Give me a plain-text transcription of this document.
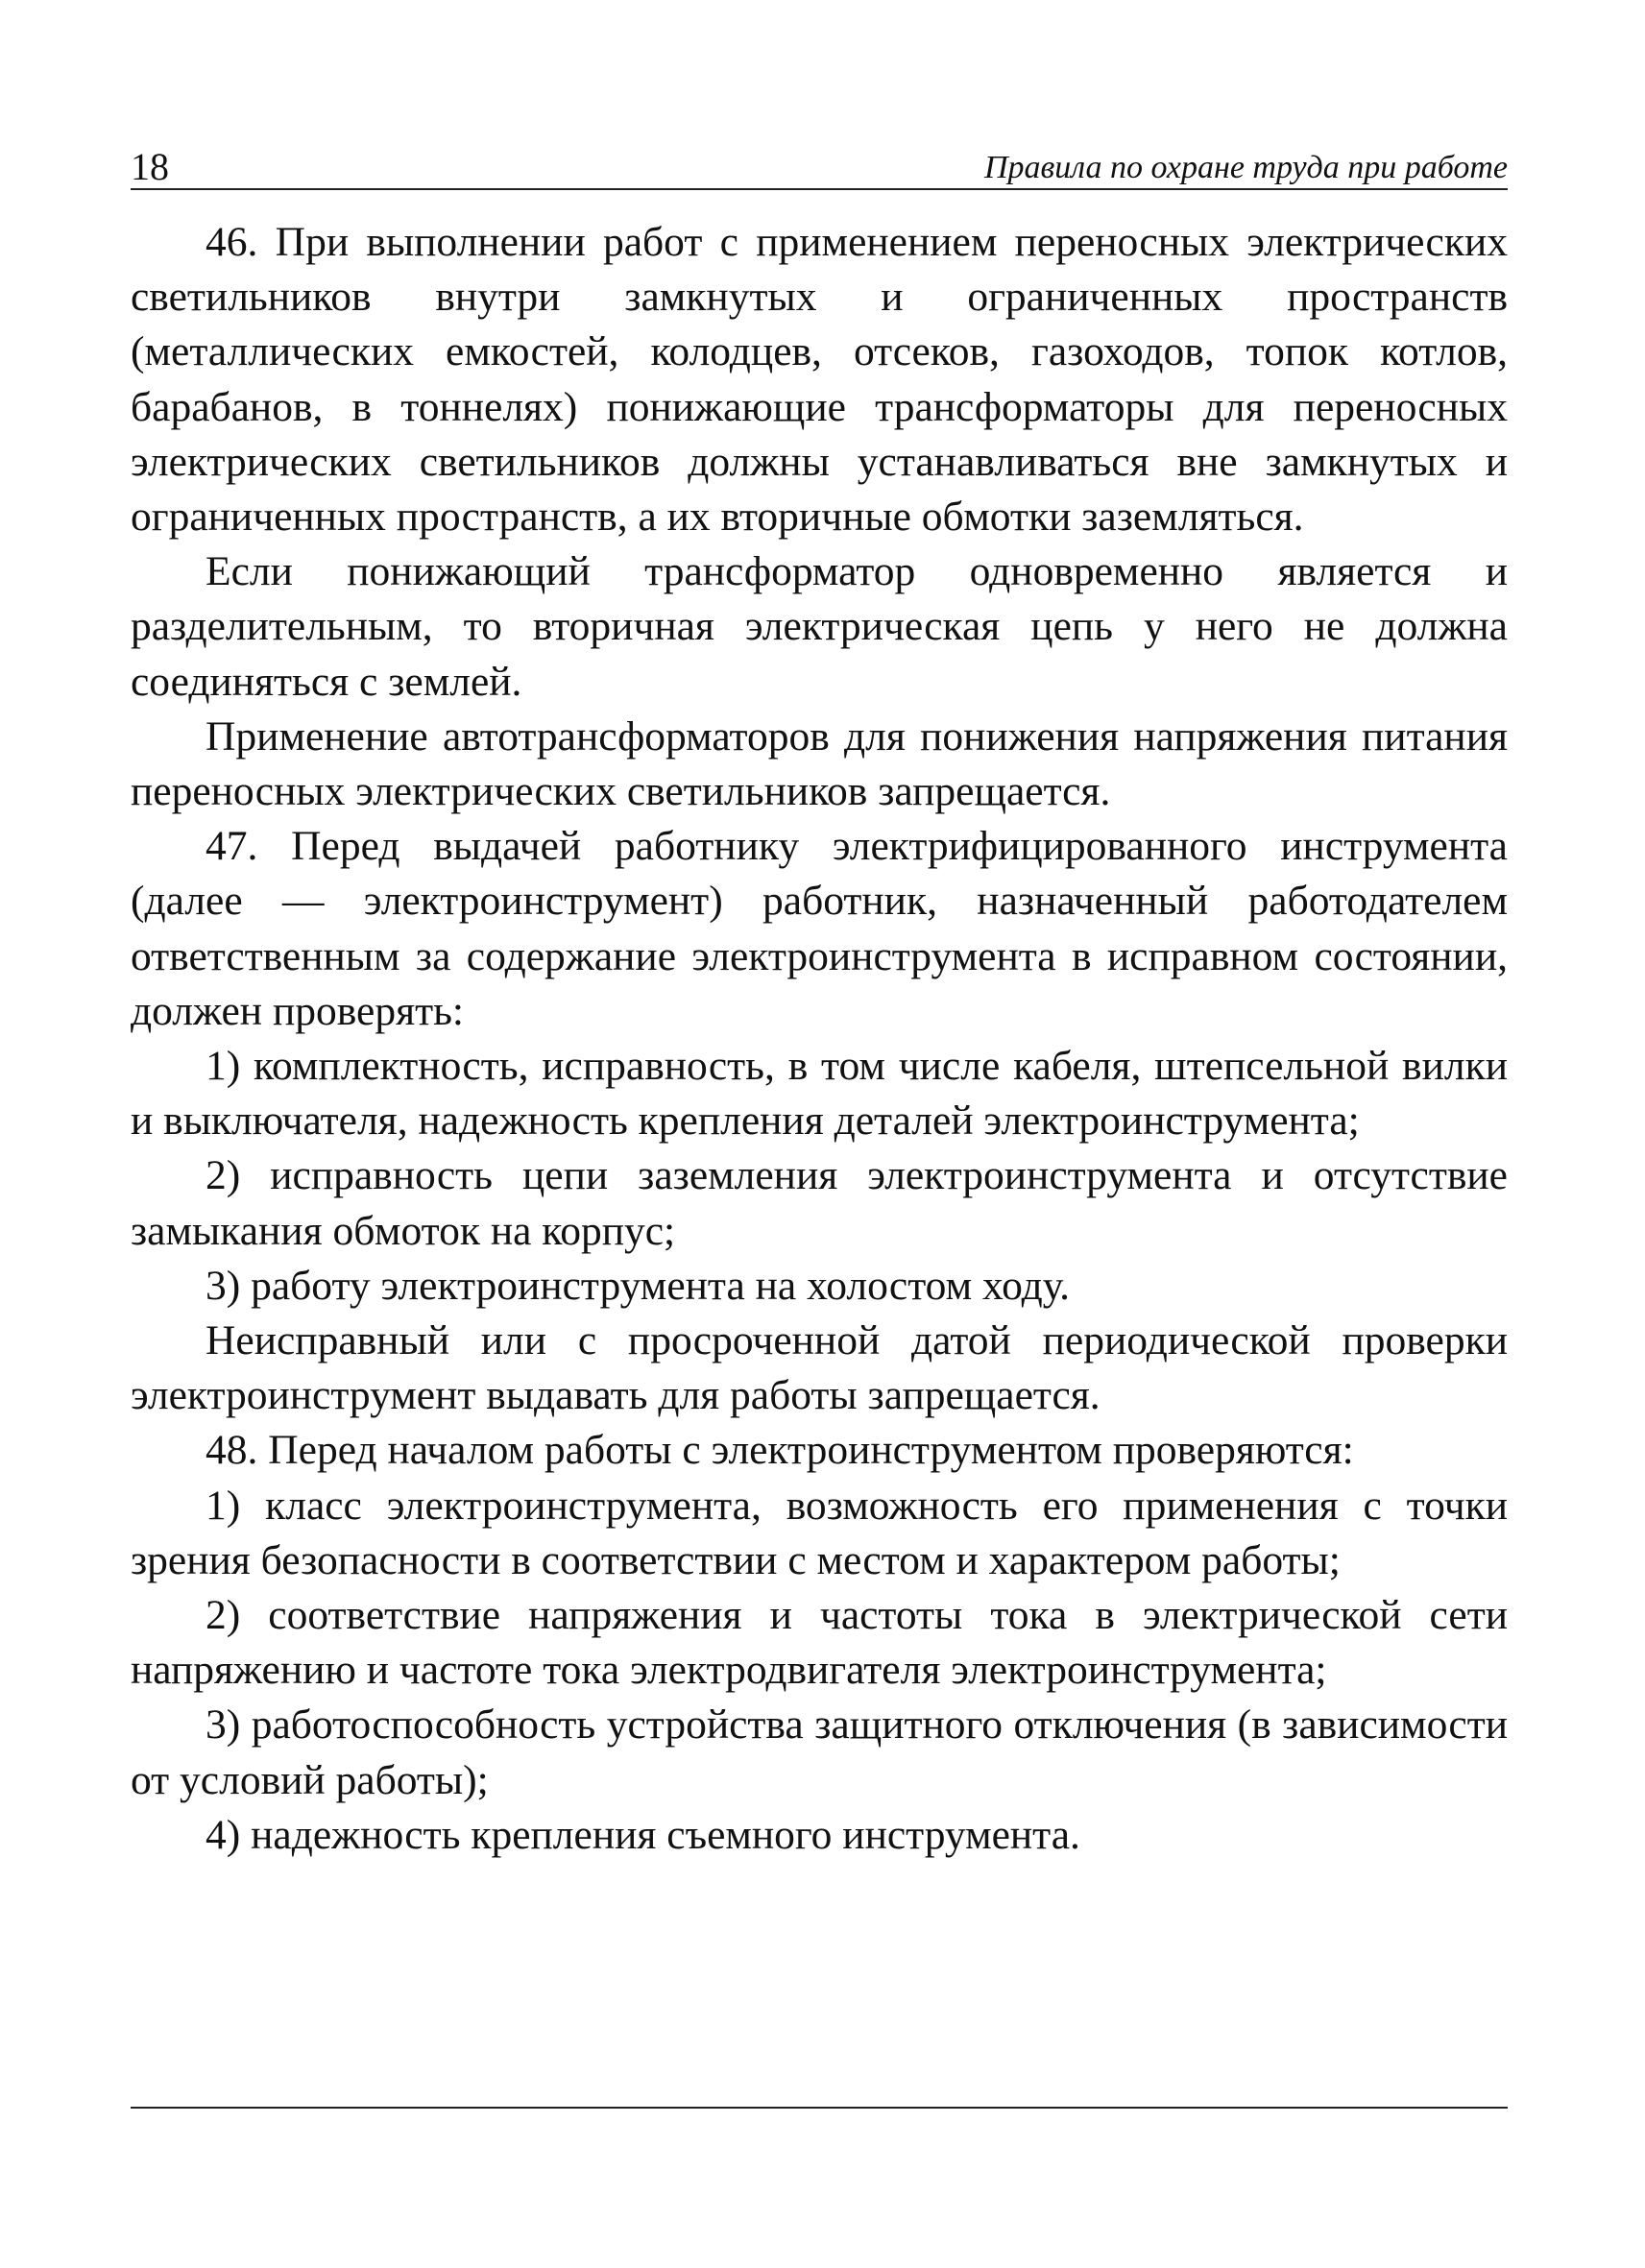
18	Правила по охране труда при работе

46. При выполнении работ с применением переносных электрических светильников внутри замкнутых и ограниченных пространств (металлических емкостей, колодцев, отсеков, газоходов, топок котлов, барабанов, в тоннелях) понижающие трансформаторы для переносных электрических светильников должны устанавливаться вне замкнутых и ограниченных пространств, а их вторичные обмотки заземляться.

Если понижающий трансформатор одновременно является и разделительным, то вторичная электрическая цепь у него не должна соединяться с землей.

Применение автотрансформаторов для понижения напряжения питания переносных электрических светильников запрещается.

47. Перед выдачей работнику электрифицированного инструмента (далее — электроинструмент) работник, назначенный работодателем ответственным за содержание электроинструмента в исправном состоянии, должен проверять:

1) комплектность, исправность, в том числе кабеля, штепсельной вилки и выключателя, надежность крепления деталей электроинструмента;

2) исправность цепи заземления электроинструмента и отсутствие замыкания обмоток на корпус;

3) работу электроинструмента на холостом ходу.

Неисправный или с просроченной датой периодической проверки электроинструмент выдавать для работы запрещается.

48. Перед началом работы с электроинструментом проверяются:

1) класс электроинструмента, возможность его применения с точки зрения безопасности в соответствии с местом и характером работы;

2) соответствие напряжения и частоты тока в электрической сети напряжению и частоте тока электродвигателя электроинструмента;

3) работоспособность устройства защитного отключения (в зависимости от условий работы);

4) надежность крепления съемного инструмента.
